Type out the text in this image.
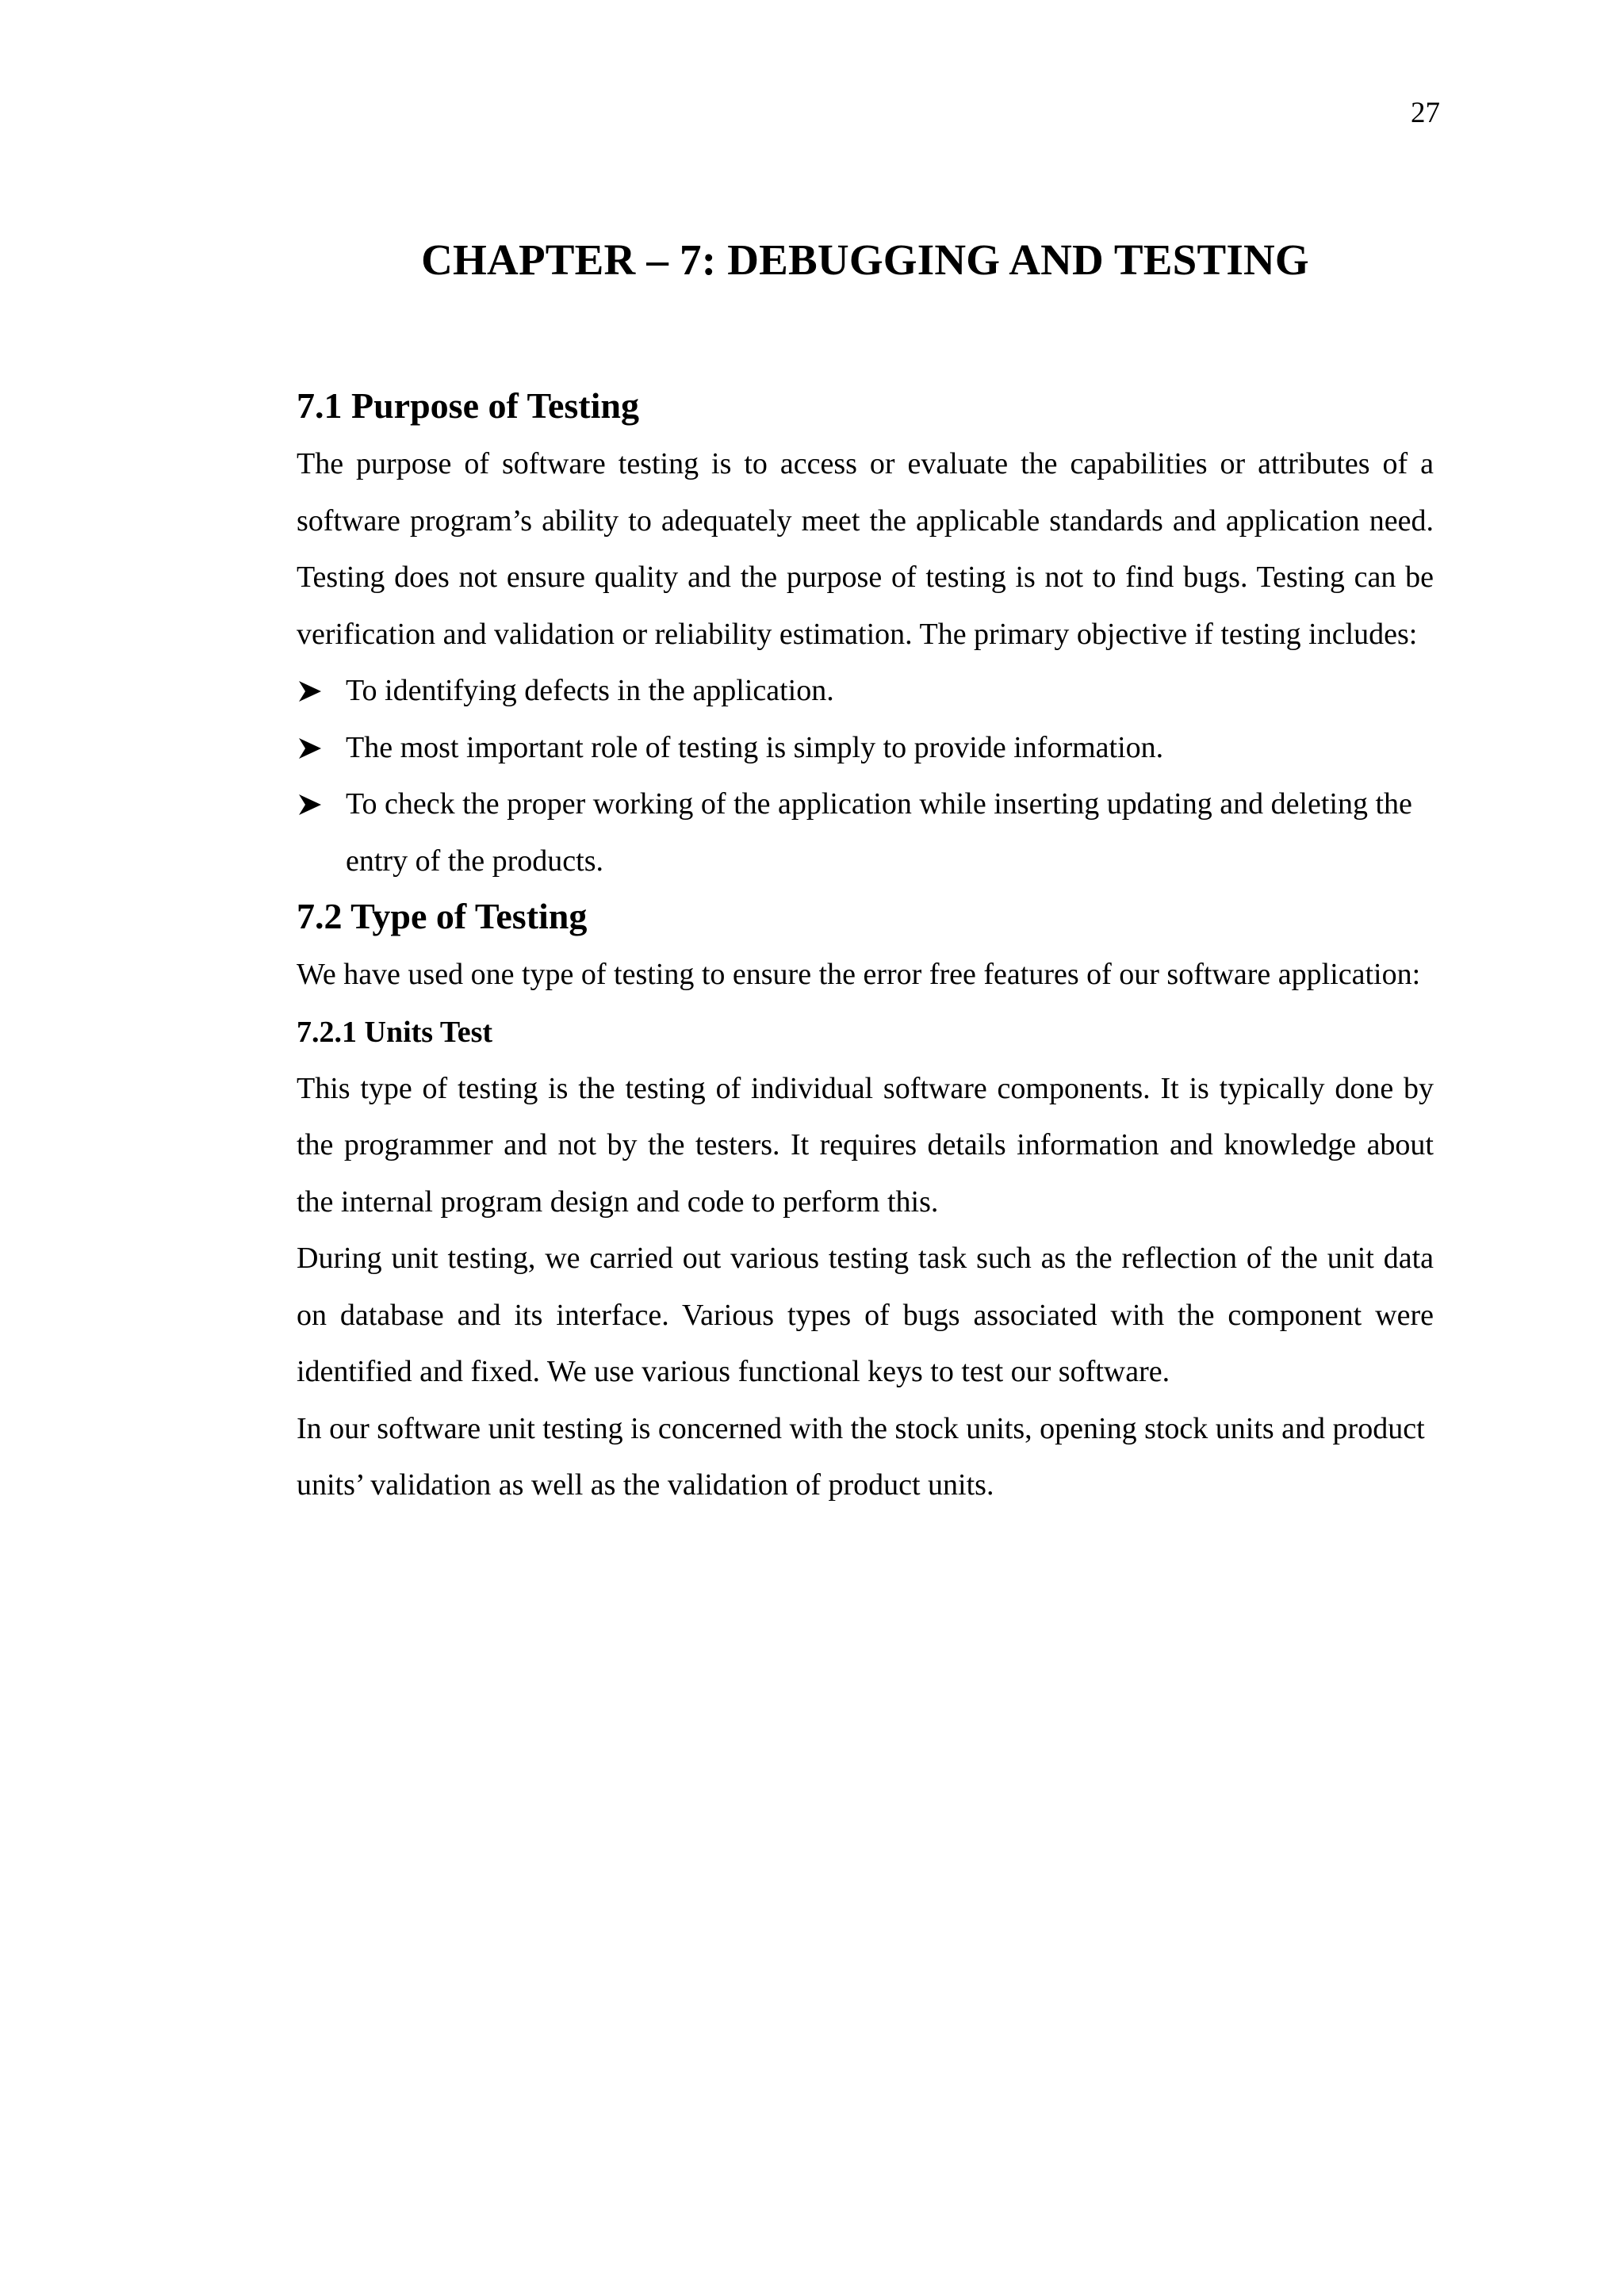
27
CHAPTER – 7: DEBUGGING AND TESTING
7.1 Purpose of Testing

The purpose of software testing is to access or evaluate the capabilities or attributes of a software program’s ability to adequately meet the applicable standards and application need. Testing does not ensure quality and the purpose of testing is not to find bugs. Testing can be verification and validation or reliability estimation. The primary objective if testing includes:

To identifying defects in the application.
The most important role of testing is simply to provide information.
To check the proper working of the application while inserting updating and deleting the entry of the products.
7.2 Type of Testing

We have used one type of testing to ensure the error free features of our software application:

7.2.1 Units Test

This type of testing is the testing of individual software components. It is typically done by the programmer and not by the testers. It requires details information and knowledge about the internal program design and code to perform this.

During unit testing, we carried out various testing task such as the reflection of the unit data on database and its interface. Various types of bugs associated with the component were identified and fixed. We use various functional keys to test our software.

In our software unit testing is concerned with the stock units, opening stock units and product units’ validation as well as the validation of product units.
